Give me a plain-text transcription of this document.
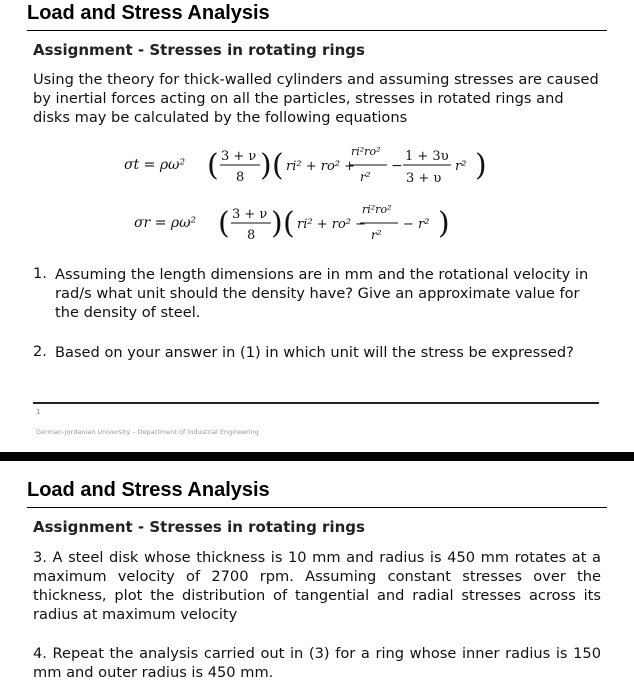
Load and Stress Analysis
Assignment - Stresses in rotating rings

Using the theory for thick-walled cylinders and assuming stresses are caused by inertial forces acting on all the particles, stresses in rotated rings and disks may be calculated by the following equations

σt = ρω² ( 3 + ν
8 ) ( ri² + ro² +
ri²ro²
r²
−
1 + 3υ
3 + υ
r² )
σr = ρω² ( 3 + ν
8 ) ( ri² + ro² −
ri²ro²
r²
− r² )
1. Assuming the length dimensions are in mm and the rotational velocity in rad/s what unit should the density have? Give an approximate value for the density of steel.

2. Based on your answer in (1) in which unit will the stress be expressed?

1
German-Jordanian University – Department of Industrial Engineering
Load and Stress Analysis
Assignment - Stresses in rotating rings

3. A steel disk whose thickness is 10 mm and radius is 450 mm rotates at a maximum velocity of 2700 rpm. Assuming constant stresses over the thickness, plot the distribution of tangential and radial stresses across its radius at maximum velocity

4. Repeat the analysis carried out in (3) for a ring whose inner radius is 150 mm and outer radius is 450 mm.
